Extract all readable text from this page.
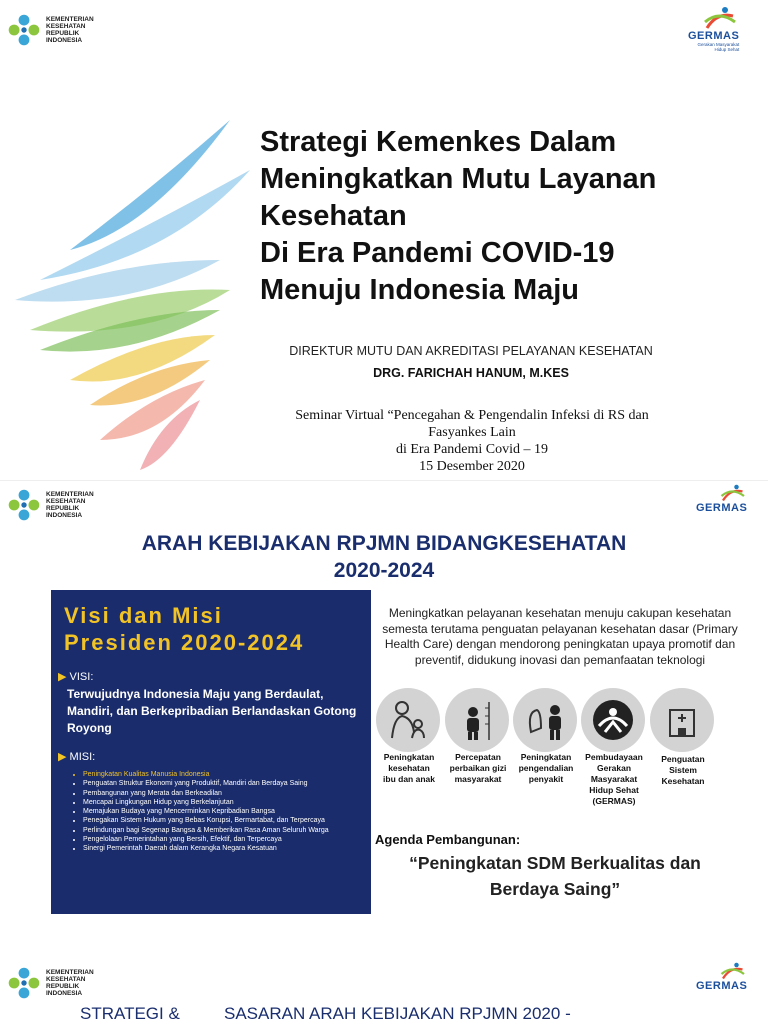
KEMENTERIAN
KESEHATAN
REPUBLIK
INDONESIA	GERMAS
Gerakan Masyarakat
Hidup Sehat
Strategi Kemenkes Dalam
Meningkatkan Mutu Layanan
Kesehatan
Di Era Pandemi COVID-19
Menuju Indonesia Maju
DIREKTUR MUTU DAN AKREDITASI PELAYANAN KESEHATAN
DRG. FARICHAH HANUM, M.KES
Seminar Virtual “Pencegahan & Pengendalin Infeksi di RS dan
Fasyankes Lain
di Era Pandemi Covid – 19
15 Desember 2020
KEMENTERIAN
KESEHATAN
REPUBLIK
INDONESIA
GERMAS
ARAH KEBIJAKAN RPJMN BIDANGKESEHATAN
2020-2024
Visi dan Misi
Presiden 2020-2024
▶ VISI:
Terwujudnya Indonesia Maju yang Berdaulat, Mandiri, dan Berkepribadian Berlandaskan Gotong Royong
▶ MISI:
• Peningkatan Kualitas Manusia Indonesia
• Penguatan Struktur Ekonomi yang Produktif, Mandiri dan Berdaya Saing
• Pembangunan yang Merata dan Berkeadilan
• Mencapai Lingkungan Hidup yang Berkelanjutan
• Memajukan Budaya yang Mencerminkan Kepribadian Bangsa
• Penegakan Sistem Hukum yang Bebas Korupsi, Bermartabat, dan Terpercaya
• Perlindungan bagi Segenap Bangsa & Memberikan Rasa Aman Seluruh Warga
• Pengelolaan Pemerintahan yang Bersih, Efektif, dan Terpercaya
• Sinergi Pemerintah Daerah dalam Kerangka Negara Kesatuan
Meningkatkan pelayanan kesehatan menuju cakupan kesehatan semesta terutama penguatan pelayanan kesehatan dasar (Primary Health Care) dengan mendorong peningkatan upaya promotif dan preventif, didukung inovasi dan pemanfaatan teknologi
Peningkatan
kesehatan
ibu dan anak
Percepatan
perbaikan gizi
masyarakat
Peningkatan
pengendalian
penyakit
Pembudayaan
Gerakan
Masyarakat
Hidup Sehat
(GERMAS)
Penguatan
Sistem
Kesehatan
Agenda Pembangunan:
“Peningkatan SDM Berkualitas dan Berdaya Saing”
KEMENTERIAN
KESEHATAN
REPUBLIK
INDONESIA
GERMAS
STRATEGI &	SASARAN ARAH KEBIJAKAN RPJMN 2020 -
